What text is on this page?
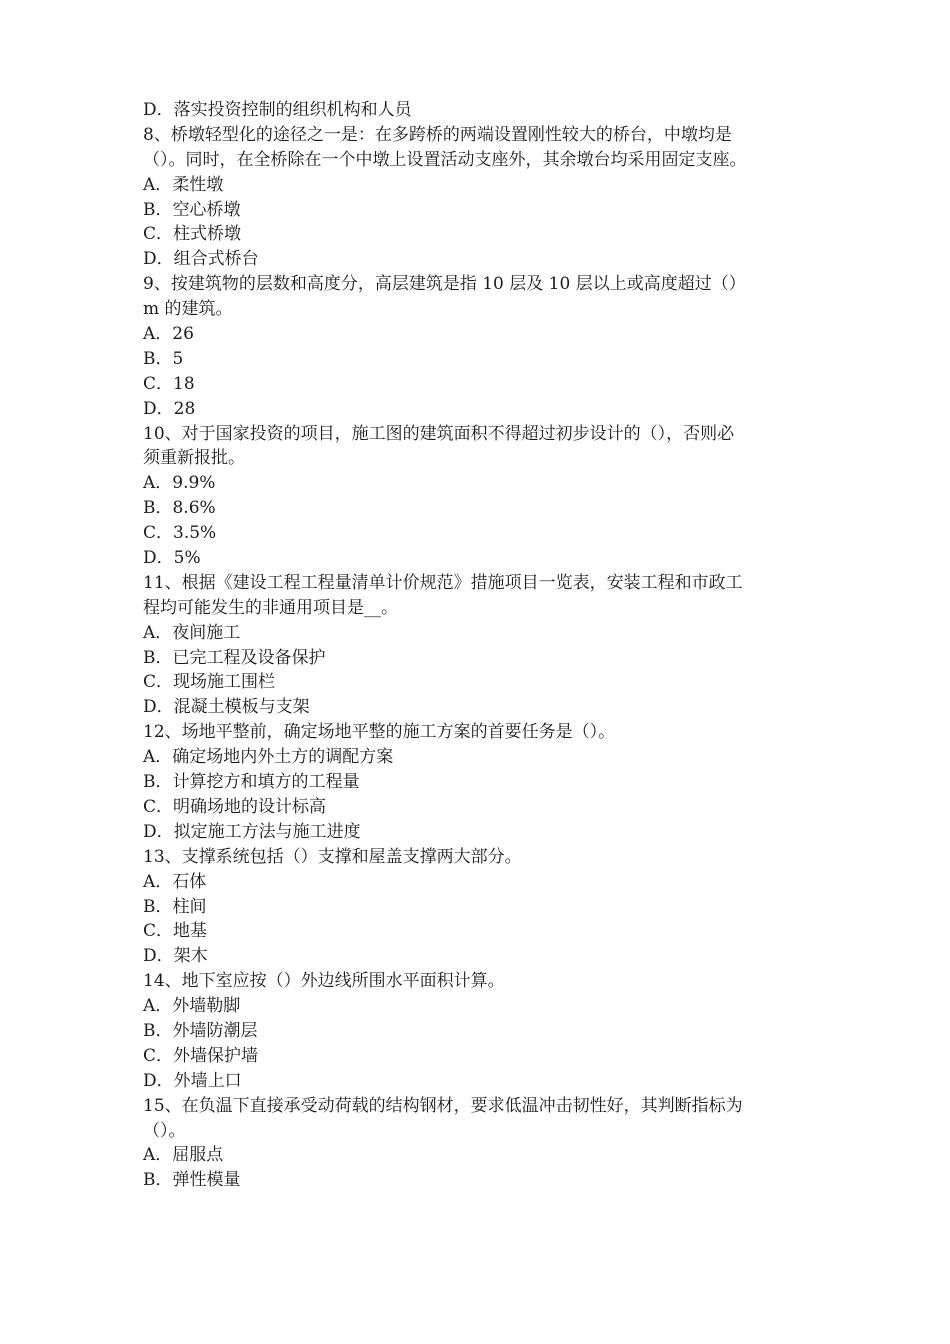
D．落实投资控制的组织机构和人员
8、桥墩轻型化的途径之一是：在多跨桥的两端设置刚性较大的桥台，中墩均是
（）。同时，在全桥除在一个中墩上设置活动支座外，其余墩台均采用固定支座。
A．柔性墩
B．空心桥墩
C．柱式桥墩
D．组合式桥台
9、按建筑物的层数和高度分，高层建筑是指 10 层及 10 层以上或高度超过（）
m 的建筑。
A．26
B．5
C．18
D．28
10、对于国家投资的项目，施工图的建筑面积不得超过初步设计的（），否则必
须重新报批。
A．9.9%
B．8.6%
C．3.5%
D．5%
11、根据《建设工程工程量清单计价规范》措施项目一览表，安装工程和市政工
程均可能发生的非通用项目是__。
A．夜间施工
B．已完工程及设备保护
C．现场施工围栏
D．混凝土模板与支架
12、场地平整前，确定场地平整的施工方案的首要任务是（）。
A．确定场地内外土方的调配方案
B．计算挖方和填方的工程量
C．明确场地的设计标高
D．拟定施工方法与施工进度
13、支撑系统包括（）支撑和屋盖支撑两大部分。
A．石体
B．柱间
C．地基
D．架木
14、地下室应按（）外边线所围水平面积计算。
A．外墙勒脚
B．外墙防潮层
C．外墙保护墙
D．外墙上口
15、在负温下直接承受动荷载的结构钢材，要求低温冲击韧性好，其判断指标为
（）。
A．屈服点
B．弹性模量
